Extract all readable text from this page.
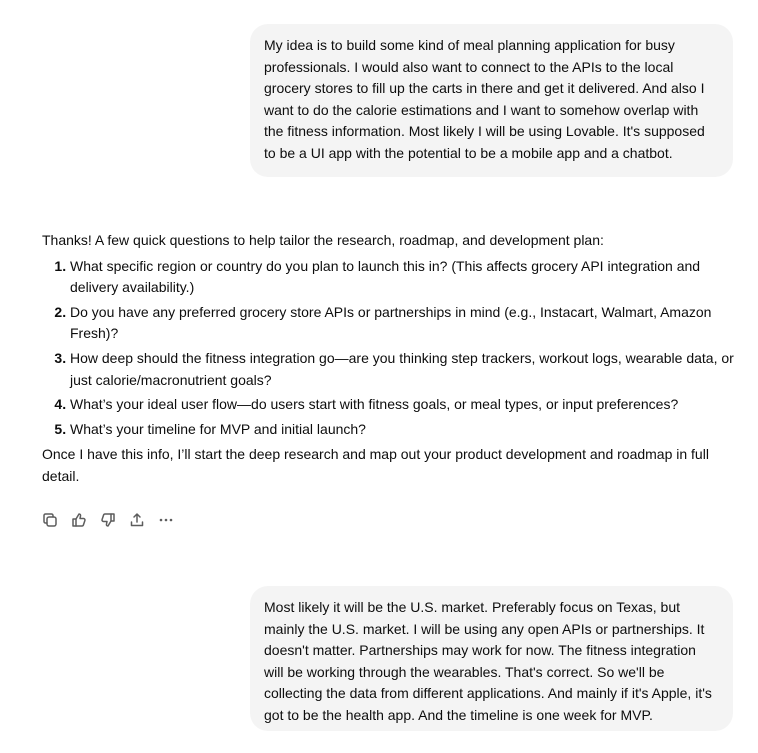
My idea is to build some kind of meal planning application for busy professionals. I would also want to connect to the APIs to the local grocery stores to fill up the carts in there and get it delivered. And also I want to do the calorie estimations and I want to somehow overlap with the fitness information. Most likely I will be using Lovable. It's supposed to be a UI app with the potential to be a mobile app and a chatbot.

Thanks! A few quick questions to help tailor the research, roadmap, and development plan:

1. What specific region or country do you plan to launch this in? (This affects grocery API integration and delivery availability.)
2. Do you have any preferred grocery store APIs or partnerships in mind (e.g., Instacart, Walmart, Amazon Fresh)?
3. How deep should the fitness integration go—are you thinking step trackers, workout logs, wearable data, or just calorie/macronutrient goals?
4. What’s your ideal user flow—do users start with fitness goals, or meal types, or input preferences?
5. What’s your timeline for MVP and initial launch?

Once I have this info, I’ll start the deep research and map out your product development and roadmap in full detail.

Most likely it will be the U.S. market. Preferably focus on Texas, but mainly the U.S. market. I will be using any open APIs or partnerships. It doesn't matter. Partnerships may work for now. The fitness integration will be working through the wearables. That's correct. So we'll be collecting the data from different applications. And mainly if it's Apple, it's got to be the health app. And the timeline is one week for MVP.
